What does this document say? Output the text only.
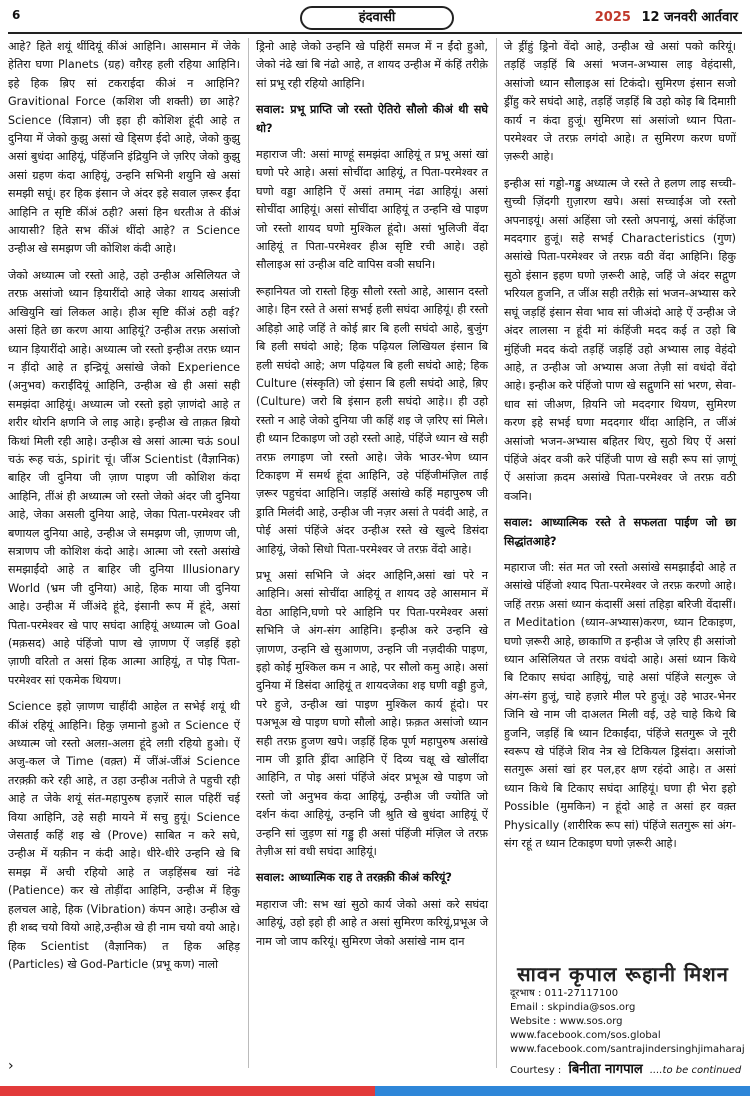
6	हंदवासी	2025 12 जनवरी आर्तवार

आहे? हिते शयूं थींदियूं कींअं आहिनि। आसमान में जेके हेतिरा घणा Planets (ग्रह) वग़ैरह हली रहिया आहिनि। इहे हिक ब़िए सां टकराईदा कीअं न आहिनि? Gravitional Force (कशिश जी शक्ती) छा आहे? Science (विज्ञान) जी इहा ही कोशिश हूंदी आहे त दुनिया में जेको कुझु असां खे डि्सण ईदो आहे, जेको कुझु असां बुधंदा आहियूं, पंहिंजनि इंद्रियुनि जे ज़रिए जेको कुझु असां ग्रहण कंदा आहियूं, उन्हनि सभिनी शयुनि खे असां समझी सघूं। हर हिक इंसान जे अंदर इहे सवाल ज़रूर ईंदा आहिनि त सृष्टि कींअं ठही? असां हिन धरतीअ ते कींअं आयासी? हिते सभ कींअं थींदो आहे? त Science उन्हीअ खे समझण जी कोशिश कंदी आहे।

जेको अध्यात्म जो रस्तो आहे, उहो उन्हीअ असिलियत जे तरफ़ असांजो ध्यान ड़ियारींदो आहे जेका शायद असांजी अखियुनि खां लिकल आहे। हीअ सृष्टि कींअं ठही वई? असां हिते छा करण आया आहियूं? उन्हीअ तरफ़ असांजो ध्यान ड़ियारींदो आहे। अध्यात्म जो रस्तो इन्हीअ तरफ़ ध्यान न ड़ींदो आहे त इन्द्रियूं असांखे जेको Experience (अनुभव) कराईंदियूं आहिनि, उन्हीअ खे ही असां सही समझंदा आहियूं। अध्यात्म जो रस्तो इहो ज़ाणंदो आहे त शरीर थोरनि क्षणनि जे लाइ आहे। इन्हीअ खे ताक़त ब़ियो किथां मिली रही आहे। उन्हीअ खे असां आत्मा चऊं soul चऊं रूह चऊं, spirit चूं। जींअ Scientist (वैज्ञानिक) बाहिर जी दुनिया जी ज़ाण पाइण जी कोशिश कंदा आहिनि, तींअं ही अध्यात्म जो रस्तो जेको अंदर जी दुनिया आहे, जेका असली दुनिया आहे, जेका पिता-परमेश्वर जी बणायल दुनिया आहे, उन्हीअ जे समझण जी, ज़ाणण जी, सत्राणप जी कोशिश कंदो आहे। आत्मा जो रस्तो असांखे समझाईंदो आहे त बाहिर जी दुनिया Illusionary World (भ्रम जी दुनिया) आहे, हिक माया जी दुनिया आहे। उन्हीअ में जींअंदे हूंदे, इंसानी रूप में हूंदे, असां पिता-परमेश्वर खे पाए सघंदा आहियूं अध्यात्म जो Goal (मक़सद) आहे पंहिंजो पाण खे ज़ाणण ऐं जड़हिं इहो ज़ाणी वरितो त असां हिक आत्मा आहियूं, त पोइ पिता-परमेश्वर सां एकमेक थियण।

Science इहो ज़ाणण चाहींदी आहेल त सभेई शयूं थी कींअं रहियूं आहिनि। हिकु ज़मानो हुओ त Science ऐं अध्यात्म जो रस्तो अलग़-अलग़ हूंदे लग़ी रहियो हुओ। ऐं अजु-कल जे Time (वक़्त) में जींअं-जींअं Science तरक़्क़ी करे रही आहे, त उहा उन्हीअ नतीजे ते पहुची रही आहे त जेके शयूं संत-महापुरुष हज़ारें साल पहिरीं चई विया आहिनि, उहे सही मायने में सचु हुयूं। Science जेसताईं कहिं शइ खे (Prove) साबित न करे सघे, उन्हीअ में यक़ीन न कंदी आहे। धीरे-धीरे उन्हनि खे बि समझ में अची रहियो आहे त जड़हिंसब खां नंढे (Patience) कर खे तोड़ींदा आहिनि, उन्हीअ में हिकु हलचल आहे, हिक (Vibration) कंपन आहे। उन्हीअ खे ही शब्द चयो वियो आहे,उन्हीअ खे ही नाम चयो वयो आहे। हिक Scientist (वैज्ञानिक) त हिक अहिड़ (Particles) खे God-Particle (प्रभू कण) नालो

ड्रिनो आहे जेको उन्हनि खे पहिरीं समज में न ईंदो हुओ, जेको नंढे खां बि नंढो आहे, त शायद उन्हीअ में कंहिं तरीक़े सां प्रभू रही रहियो आहिनि।

सवाल: प्रभू प्राप्ति जो रस्तो ऐतिरो सौलो कीअं थी सघे थो?

महाराज जी: असां माण्हूं समझंदा आहियूं त प्रभू असां खां घणो परे आहे। असां सोचींदा आहियूं, त पिता-परमेश्वर त घणो वड्डा आहिनि ऐं असां तमाम् नंढा आहियूं। असां सोचींदा आहियूं। असां सोचींदा आहियूं त उन्हनि खे पाइण जो रस्तो शायद घणो मुश्किल हूंदो। असां भुलिजी वेंदा आहियूं त पिता-परमेश्वर हीअ सृष्टि रची आहे। उहो सौलाइअ सां उन्हीअ वटि वापिस वञी सघनि।

रूहानियत जो रास्तो हिकु सौलो रस्तो आहे, आसान दस्तो आहे। हिन रस्ते ते असां सभई हली सघंदा आहियूं। ही रस्तो अहिड़ो आहे जहिं ते कोई ब़ार बि हली सघंदो आहे, बुजुंग बि हली सघंदो आहे; हिक पढ़ियल लिखियल इंसान बि हली सघंदो आहे; अण पढ़ियल बि हली सघंदो आहे; हिक Culture (संस्कृति) जो इंसान बि हली सघंदो आहे, ब़िए (Culture) जरो बि इंसान हली सघंदो आहे।। ही उहो रस्तो न आहे जेको दुनिया जी कहिं शइ जे ज़रिए सां मिले। ही ध्यान टिकाइण जो उहो रस्तो आहे, पंहिंजे ध्यान खे सही तरफ़ लगाइण जो रस्तो आहे। जेके भाउर-भेण ध्यान टिकाइण में समर्थ हूंदा आहिनि, उहे पंहिंजीमंज़िल ताई ज़रूर पहुचंदा आहिनि। जड़हिं असांखे कहिं महापुरुष जी ड्राति मिलंदी आहे, उन्हीअ जी नज़र असां ते पवंदी आहे, त पोई असां पंहिंजे अंदर उन्हीअ रस्ते खे खुल्दे डिसंदा आहियूं, जेको सिधो पिता-परमेश्वर जे तरफ़ वेंदो आहे।

प्रभू असां सभिनि जे अंदर आहिनि,असां खां परे न आहिनि। असां सोचींदा आहियूं त शायद उहे आसमान में वेठा आहिनि,घणो परे आहिनि पर पिता-परमेश्वर असां सभिनि जे अंग-संग आहिनि। इन्हीअ करे उन्हनि खे ज़ाणण, उन्हनि खे सुआणण, उन्हनि जी नज़दीकी पाइण, इहो कोई मुश्किल कम न आहे, पर सौलो कमु आहे। असां दुनिया में डिसंदा आहियूं त शायदजेका शइ घणी वड्डी हुजे, परे हुजे, उन्हीअ खां पाइण मुश्किल कार्य हूंदो। पर पअभूअ खे पाइण घणो सौलो आहे। फ़क़त असांजो ध्यान सही तरफ़ हुजण खपे। जड़हिं हिक पूर्ण महापुरुष असांखे नाम जी ड्राति ड्रींदा आहिनि ऐं दिव्य चक्षू खे खोलींदा आहिनि, त पोइ असां पंहिंजे अंदर प्रभूअ खे पाइण जो रस्तो जो अनुभव कंदा आहियूं, उन्हीअ जी ज्योति जो दर्शन कंदा आहियूं, उन्हनि जी श्रुति खे बुधंदा आहियूं ऐं उन्हनि सां जुड़ण सां गड्डु ही असां पंहिंजी मंज़िल जे तरफ़ तेज़ीअ सां वधी सघंदा आहियूं।

सवाल: आध्यात्मिक राह ते तरक़्क़ी कीअं करियूं?

महाराज जी: सभ खां सुठो कार्य जेको असां करे सघंदा आहियूं, उहो इहो ही आहे त असां सुमिरण करियूं,प्रभूअ जे नाम जो जाप करियूं। सुमिरण जेको असांखे नाम दान

जे ड्रींहुं ड्रिनो वेंदो आहे, उन्हीअ खे असां पको करियूं। तड़हिं जड़हिं बि असां भजन-अभ्यास लाइ वेहंदासी, असांजो ध्यान सौलाइअ सां टिकंदो। सुमिरण इंसान सजो ड्रींहु करे सघंदो आहे, तड़हिं जड़हिं बि उहो कोइ बि दिमाग़ी कार्य न कंदा हुजूं। सुमिरण सां असांजो ध्यान पिता-परमेश्वर जे तरफ़ लगंदो आहे। त सुमिरण करण घणों ज़रूरी आहे।

इन्हीअ सां गड्डो-गड्डु अध्यात्म जे रस्ते ते हलण लाइ सच्ची-सुच्ची ज़िंदगी ग़ुज़ारण खपे। असां सच्चाईअ जो रस्तो अपनाइयूं। असां अहिंसा जो रस्तो अपनायूं, असां कंहिंजा मददगार हुजूं। सहे सभई Characteristics (गुण) असांखे पिता-परमेश्वर जे तरफ़ वठी वेंदा आहिनि। हिकु सुठो इंसान इहण घणो ज़रूरी आहे, जहिं जे अंदर सद्गुण भरियल हुजनि, त जींअ सही तरीक़े सां भजन-अभ्यास करे सघूं जड़हिं इंसान सेवा भाव सां जीअंदो आहे ऐं उन्हीअ जे अंदर लालसा न हूंदी मां कंहिंजी मदद कई त उहो बि मुंहिंजी मदद कंदो तड़हिं जड़हिं उहो अभ्यास लाइ वेहंदो आहे, त उन्हीअ जो अभ्यास अजा तेज़ी सां वधंदो वेंदो आहे। इन्हीअ करे पंहिंजो पाण खे सद्गुणनि सां भरण, सेवा-धाव सां जीअण, व़ियनि जो मददगार थियण, सुमिरण करण इहे सभई घणा मददगार थींदा आहिनि, त जींअं असांजो भजन-अभ्यास बहितर थिए, सुठो थिए ऐं असां पंहिंजे अंदर वञी करे पंहिंजी पाण खे सही रूप सां ज़ाणूं ऐं असांजा क़दम असांखे पिता-परमेश्वर जे तरफ़ वठी वञनि।

सवाल: आध्यात्मिक रस्ते ते सफलता पाईण जो छा सिद्धांतआहे?

महाराज जी: संत मत जो रस्तो असांखे समझाईंदो आहे त असांखे पंहिंजो श्याद पिता-परमेश्वर जे तरफ़ करणो आहे। जहिं तरफ़ असां ध्यान कंदासीं असां तहिड़ा बरिजी वेंदासीं। त Meditation (ध्यान-अभ्यास)करण, ध्यान टिकाइण, घणो ज़रूरी आहे, छाकाणि त इन्हीअ जे ज़रिए ही असांजो ध्यान असिलियत जे तरफ़ वधंदो आहे। असां ध्यान किथे बि टिकाए सघंदा आहियूं, चाहे असां पंहिंजे सत्गुरू जे अंग-संग हुजूं, चाहे हज़ारे मील परे हुजूं। उहे भाउर-भेनर जिनि खे नाम जी दाअलत मिली वई, उहे चाहे किथे बि हुजनि, जड़हिं बि ध्यान टिकाईंदा, पंहिंजे सतगुरू जे नूरी स्वरूप खे पंहिंजे शिव नेत्र खे टिकियल ड्रिसंदा। असांजो सतगुरू असां खां हर पल,हर क्षण रहंदो आहे। त असां ध्यान किथे बि टिकाए सघंदा आहियूं। घणा ही भेरा इहो Possible (मुमकिन) न हूंदो आहे त असां हर वक़्त Physically (शारीरिक रूप सां) पंहिंजे सतगुरू सां अंग-संग रहूं त ध्यान टिकाइण घणो ज़रूरी आहे।

सावन कृपाल रूहानी मिशन
दूरभाष : 011-27117100
Email : skpindia@sos.org
Website : www.sos.org
www.facebook.com/sos.global
www.facebook.com/santrajindersinghjimaharaj
Courtesy : बिनीता नागपाल ....to be continued
›
